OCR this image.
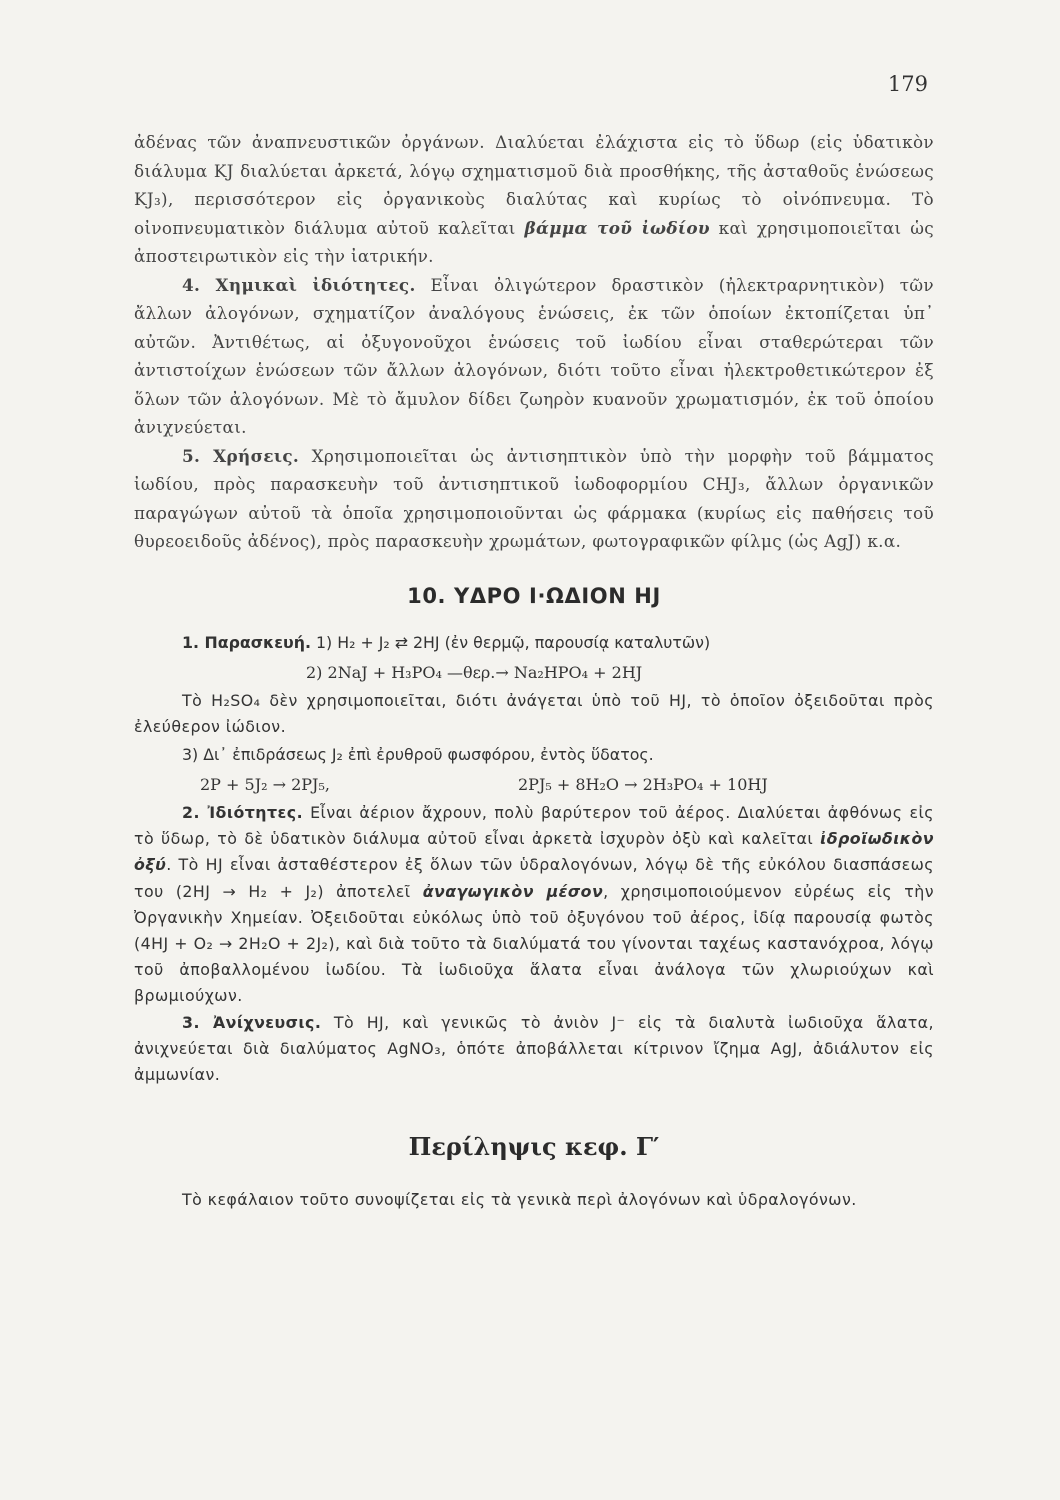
179

ἀδένας τῶν ἀναπνευστικῶν ὀργάνων. Διαλύεται ἐλάχιστα εἰς τὸ ὕδωρ (εἰς ὑδατικὸν διάλυμα KJ διαλύεται ἀρκετά, λόγῳ σχηματισμοῦ διὰ προσθήκης, τῆς ἀσταθοῦς ἑνώσεως KJ₃), περισσότερον εἰς ὀργανικοὺς διαλύτας καὶ κυρίως τὸ οἰνόπνευμα. Τὸ οἰνοπνευματικὸν διάλυμα αὐτοῦ καλεῖται βάμμα τοῦ ἰωδίου καὶ χρησιμοποιεῖται ὡς ἀποστειρωτικὸν εἰς τὴν ἰατρικήν.

4. Χημικαὶ ἰδιότητες. Εἶναι ὀλιγώτερον δραστικὸν (ἠλεκτραρνητικὸν) τῶν ἄλλων ἀλογόνων, σχηματίζον ἀναλόγους ἑνώσεις, ἐκ τῶν ὁποίων ἐκτοπίζεται ὑπ᾽ αὐτῶν. Ἀντιθέτως, αἱ ὀξυγονοῦχοι ἑνώσεις τοῦ ἰωδίου εἶναι σταθερώτεραι τῶν ἀντιστοίχων ἑνώσεων τῶν ἄλλων ἀλογόνων, διότι τοῦτο εἶναι ἠλεκτροθετικώτερον ἐξ ὅλων τῶν ἀλογόνων. Μὲ τὸ ἄμυλον δίδει ζωηρὸν κυανοῦν χρωματισμόν, ἐκ τοῦ ὁποίου ἀνιχνεύεται.

5. Χρήσεις. Χρησιμοποιεῖται ὡς ἀντισηπτικὸν ὑπὸ τὴν μορφὴν τοῦ βάμματος ἰωδίου, πρὸς παρασκευὴν τοῦ ἀντισηπτικοῦ ἰωδοφορμίου CHJ₃, ἄλλων ὀργανικῶν παραγώγων αὐτοῦ τὰ ὁποῖα χρησιμοποιοῦνται ὡς φάρμακα (κυρίως εἰς παθήσεις τοῦ θυρεοειδοῦς ἀδένος), πρὸς παρασκευὴν χρωμάτων, φωτογραφικῶν φίλμς (ὡς AgJ) κ.α.

10. ΥΔΡΟ Ι·ΩΔΙΟΝ HJ
1. Παρασκευή. 1) H₂ + J₂ ⇄ 2HJ (ἐν θερμῷ, παρουσίᾳ καταλυτῶν)
2) 2NaJ + H₃PO₄ —θερ.→ Na₂HPO₄ + 2HJ

Τὸ H₂SO₄ δὲν χρησιμοποιεῖται, διότι ἀνάγεται ὑπὸ τοῦ HJ, τὸ ὁποῖον ὀξειδοῦται πρὸς ἐλεύθερον ἰώδιον.

3) Δι᾽ ἐπιδράσεως J₂ ἐπὶ ἐρυθροῦ φωσφόρου, ἐντὸς ὕδατος.
2P + 5J₂ → 2PJ₅,	2PJ₅ + 8H₂O → 2H₃PO₄ + 10HJ

2. Ἰδιότητες. Εἶναι ἀέριον ἄχρουν, πολὺ βαρύτερον τοῦ ἀέρος. Διαλύεται ἀφθόνως εἰς τὸ ὕδωρ, τὸ δὲ ὑδατικὸν διάλυμα αὐτοῦ εἶναι ἀρκετὰ ἰσχυρὸν ὀξὺ καὶ καλεῖται ἰδροϊωδικὸν ὀξύ. Τὸ HJ εἶναι ἀσταθέστερον ἐξ ὅλων τῶν ὑδραλογόνων, λόγῳ δὲ τῆς εὐκόλου διασπάσεως του (2HJ → H₂ + J₂) ἀποτελεῖ ἀναγωγικὸν μέσον, χρησιμοποιούμενον εὐρέως εἰς τὴν Ὀργανικὴν Χημείαν. Ὀξειδοῦται εὐκόλως ὑπὸ τοῦ ὀξυγόνου τοῦ ἀέρος, ἰδίᾳ παρουσίᾳ φωτὸς (4HJ + O₂ → 2H₂O + 2J₂), καὶ διὰ τοῦτο τὰ διαλύματά του γίνονται ταχέως καστανόχροα, λόγῳ τοῦ ἀποβαλλομένου ἰωδίου. Τὰ ἰωδιοῦχα ἅλατα εἶναι ἀνάλογα τῶν χλωριούχων καὶ βρωμιούχων.

3. Ἀνίχνευσις. Τὸ HJ, καὶ γενικῶς τὸ ἀνιὸν J⁻ εἰς τὰ διαλυτὰ ἰωδιοῦχα ἅλατα, ἀνιχνεύεται διὰ διαλύματος AgNO₃, ὁπότε ἀποβάλλεται κίτρινον ἴζημα AgJ, ἀδιάλυτον εἰς ἀμμωνίαν.

Περίληψις κεφ. Γ′

Τὸ κεφάλαιον τοῦτο συνοψίζεται εἰς τὰ γενικὰ περὶ ἀλογόνων καὶ ὑδραλογόνων.
